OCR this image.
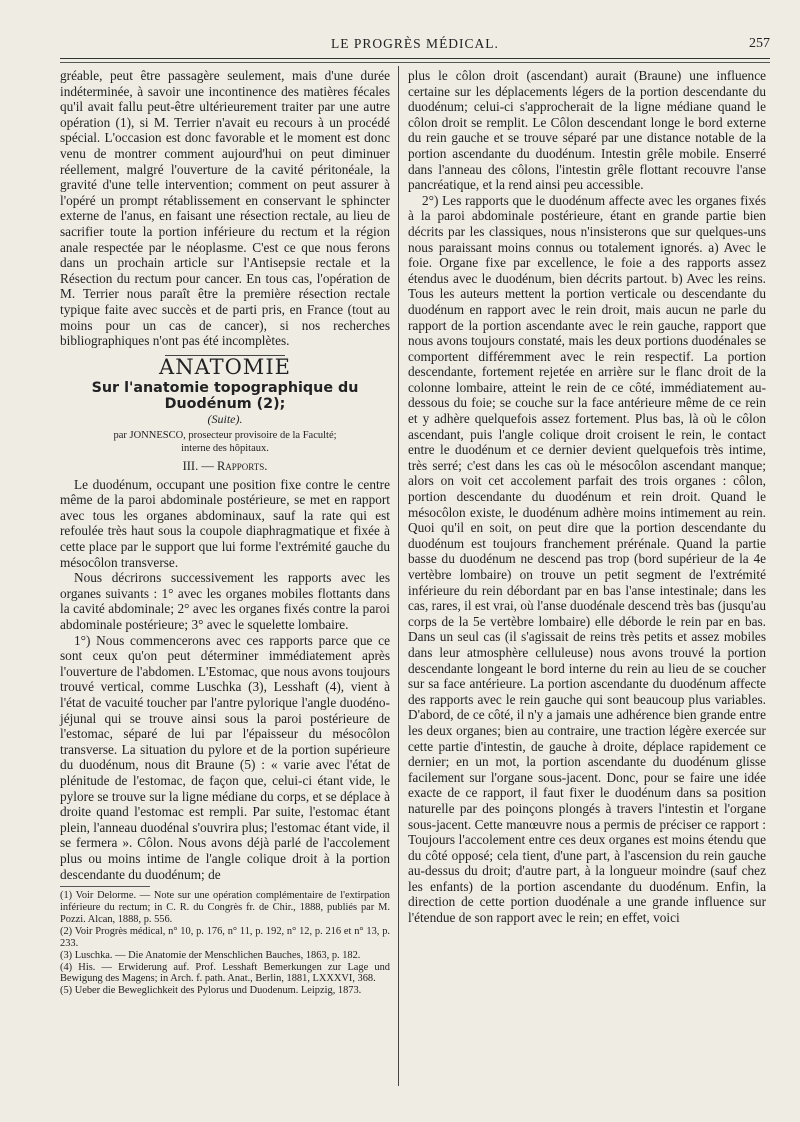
LE PROGRÈS MÉDICAL.	257

gréable, peut être passagère seulement, mais d'une durée indéterminée, à savoir une incontinence des matières fécales qu'il avait fallu peut-être ultérieurement traiter par une autre opération (1), si M. Terrier n'avait eu recours à un procédé spécial. L'occasion est donc favorable et le moment est donc venu de montrer comment aujourd'hui on peut diminuer réellement, malgré l'ouverture de la cavité péritonéale, la gravité d'une telle intervention; comment on peut assurer à l'opéré un prompt rétablissement en conservant le sphincter externe de l'anus, en faisant une résection rectale, au lieu de sacrifier toute la portion inférieure du rectum et la région anale respectée par le néoplasme. C'est ce que nous ferons dans un prochain article sur l'Antisepsie rectale et la Résection du rectum pour cancer. En tous cas, l'opération de M. Terrier nous paraît être la première résection rectale typique faite avec succès et de parti pris, en France (tout au moins pour un cas de cancer), si nos recherches bibliographiques n'ont pas été incomplètes.

ANATOMIE
Sur l'anatomie topographique du Duodénum (2);
(Suite).
par JONNESCO, prosecteur provisoire de la Faculté;
interne des hôpitaux.
III. — Rapports.

Le duodénum, occupant une position fixe contre le centre même de la paroi abdominale postérieure, se met en rapport avec tous les organes abdominaux, sauf la rate qui est refoulée très haut sous la coupole diaphragmatique et fixée à cette place par le support que lui forme l'extrémité gauche du mésocôlon transverse.

Nous décrirons successivement les rapports avec les organes suivants : 1° avec les organes mobiles flottants dans la cavité abdominale; 2° avec les organes fixés contre la paroi abdominale postérieure; 3° avec le squelette lombaire.

1°) Nous commencerons avec ces rapports parce que ce sont ceux qu'on peut déterminer immédiatement après l'ouverture de l'abdomen. L'Estomac, que nous avons toujours trouvé vertical, comme Luschka (3), Lesshaft (4), vient à l'état de vacuité toucher par l'antre pylorique l'angle duodéno-jéjunal qui se trouve ainsi sous la paroi postérieure de l'estomac, séparé de lui par l'épaisseur du mésocôlon transverse. La situation du pylore et de la portion supérieure du duodénum, nous dit Braune (5) : « varie avec l'état de plénitude de l'estomac, de façon que, celui-ci étant vide, le pylore se trouve sur la ligne médiane du corps, et se déplace à droite quand l'estomac est rempli. Par suite, l'estomac étant plein, l'anneau duodénal s'ouvrira plus; l'estomac étant vide, il se fermera ». Côlon. Nous avons déjà parlé de l'accolement plus ou moins intime de l'angle colique droit à la portion descendante du duodénum; de

(1) Voir Delorme. — Note sur une opération complémentaire de l'extirpation inférieure du rectum; in C. R. du Congrès fr. de Chir., 1888, publiés par M. Pozzi. Alcan, 1888, p. 556.

(2) Voir Progrès médical, n° 10, p. 176, n° 11, p. 192, n° 12, p. 216 et n° 13, p. 233.

(3) Luschka. — Die Anatomie der Menschlichen Bauches, 1863, p. 182.

(4) His. — Erwiderung auf. Prof. Lesshaft Bemerkungen zur Lage und Bewigung des Magens; in Arch. f. path. Anat., Berlin, 1881, LXXXVI, 368.

(5) Ueber die Beweglichkeit des Pylorus und Duodenum. Leipzig, 1873.

plus le côlon droit (ascendant) aurait (Braune) une influence certaine sur les déplacements légers de la portion descendante du duodénum; celui-ci s'approcherait de la ligne médiane quand le côlon droit se remplit. Le Côlon descendant longe le bord externe du rein gauche et se trouve séparé par une distance notable de la portion ascendante du duodénum. Intestin grêle mobile. Enserré dans l'anneau des côlons, l'intestin grêle flottant recouvre l'anse pancréatique, et la rend ainsi peu accessible.

2°) Les rapports que le duodénum affecte avec les organes fixés à la paroi abdominale postérieure, étant en grande partie bien décrits par les classiques, nous n'insisterons que sur quelques-uns nous paraissant moins connus ou totalement ignorés. a) Avec le foie. Organe fixe par excellence, le foie a des rapports assez étendus avec le duodénum, bien décrits partout. b) Avec les reins. Tous les auteurs mettent la portion verticale ou descendante du duodénum en rapport avec le rein droit, mais aucun ne parle du rapport de la portion ascendante avec le rein gauche, rapport que nous avons toujours constaté, mais les deux portions duodénales se comportent différemment avec le rein respectif. La portion descendante, fortement rejetée en arrière sur le flanc droit de la colonne lombaire, atteint le rein de ce côté, immédiatement au-dessous du foie; se couche sur la face antérieure même de ce rein et y adhère quelquefois assez fortement. Plus bas, là où le côlon ascendant, puis l'angle colique droit croisent le rein, le contact entre le duodénum et ce dernier devient quelquefois très intime, très serré; c'est dans les cas où le mésocôlon ascendant manque; alors on voit cet accolement parfait des trois organes : côlon, portion descendante du duodénum et rein droit. Quand le mésocôlon existe, le duodénum adhère moins intimement au rein. Quoi qu'il en soit, on peut dire que la portion descendante du duodénum est toujours franchement prérénale. Quand la partie basse du duodénum ne descend pas trop (bord supérieur de la 4e vertèbre lombaire) on trouve un petit segment de l'extrémité inférieure du rein débordant par en bas l'anse intestinale; dans les cas, rares, il est vrai, où l'anse duodénale descend très bas (jusqu'au corps de la 5e vertèbre lombaire) elle déborde le rein par en bas. Dans un seul cas (il s'agissait de reins très petits et assez mobiles dans leur atmosphère celluleuse) nous avons trouvé la portion descendante longeant le bord interne du rein au lieu de se coucher sur sa face antérieure. La portion ascendante du duodénum affecte des rapports avec le rein gauche qui sont beaucoup plus variables. D'abord, de ce côté, il n'y a jamais une adhérence bien grande entre les deux organes; bien au contraire, une traction légère exercée sur cette partie d'intestin, de gauche à droite, déplace rapidement ce dernier; en un mot, la portion ascendante du duodénum glisse facilement sur l'organe sous-jacent. Donc, pour se faire une idée exacte de ce rapport, il faut fixer le duodénum dans sa position naturelle par des poinçons plongés à travers l'intestin et l'organe sous-jacent. Cette manœuvre nous a permis de préciser ce rapport : Toujours l'accolement entre ces deux organes est moins étendu que du côté opposé; cela tient, d'une part, à l'ascension du rein gauche au-dessus du droit; d'autre part, à la longueur moindre (sauf chez les enfants) de la portion ascendante du duodénum. Enfin, la direction de cette portion duodénale a une grande influence sur l'étendue de son rapport avec le rein; en effet, voici
